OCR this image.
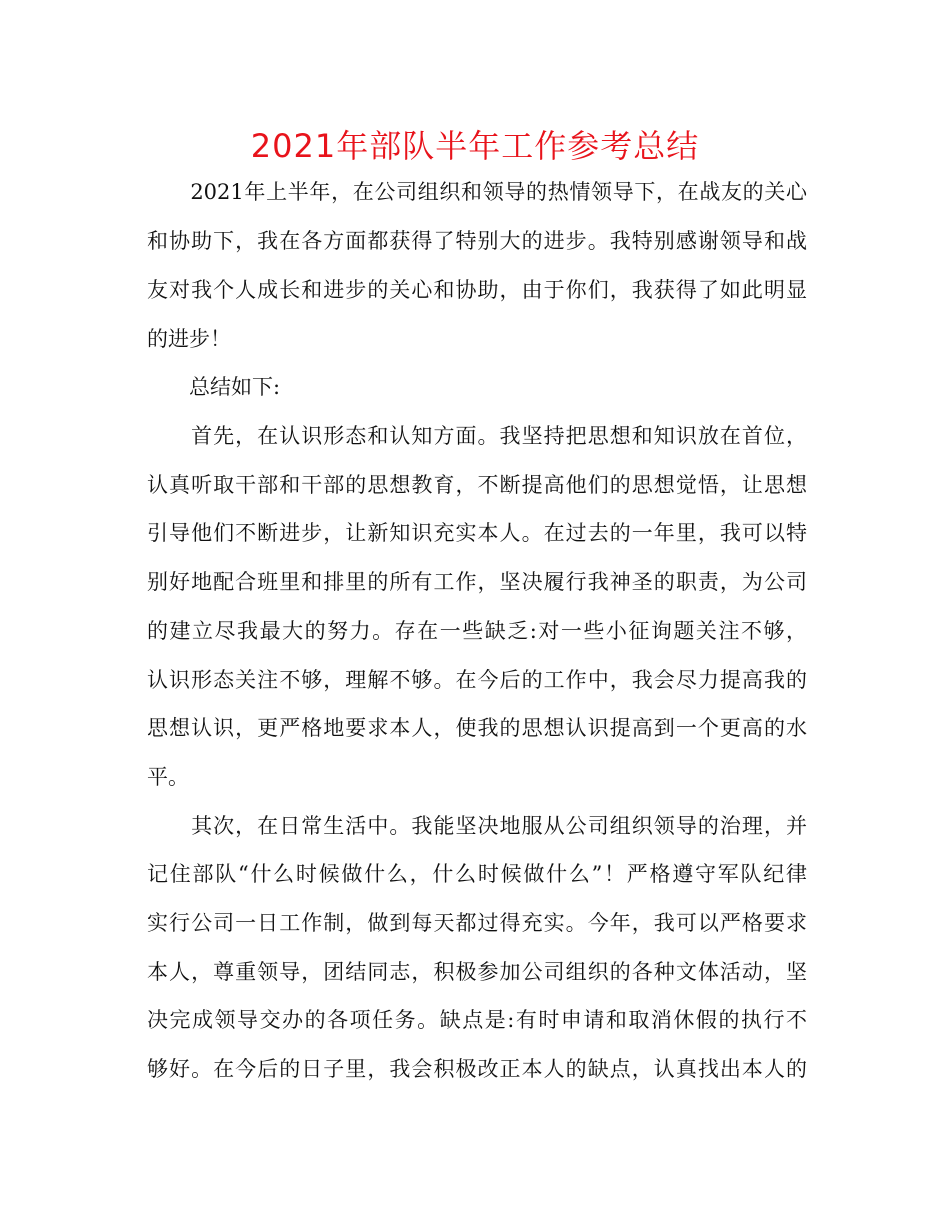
2021年部队半年工作参考总结

　　2021年上半年，在公司组织和领导的热情领导下，在战友的关心

和协助下，我在各方面都获得了特别大的进步。我特别感谢领导和战

友对我个人成长和进步的关心和协助，由于你们，我获得了如此明显

的进步！

　　总结如下:

　　首先，在认识形态和认知方面。我坚持把思想和知识放在首位，

认真听取干部和干部的思想教育，不断提高他们的思想觉悟，让思想

引导他们不断进步，让新知识充实本人。在过去的一年里，我可以特

别好地配合班里和排里的所有工作，坚决履行我神圣的职责，为公司

的建立尽我最大的努力。存在一些缺乏:对一些小征询题关注不够，

认识形态关注不够，理解不够。在今后的工作中，我会尽力提高我的

思想认识，更严格地要求本人，使我的思想认识提高到一个更高的水

平。

　　其次，在日常生活中。我能坚决地服从公司组织领导的治理，并

记住部队“什么时候做什么，什么时候做什么”！严格遵守军队纪律

实行公司一日工作制，做到每天都过得充实。今年，我可以严格要求

本人，尊重领导，团结同志，积极参加公司组织的各种文体活动，坚

决完成领导交办的各项任务。缺点是:有时申请和取消休假的执行不

够好。在今后的日子里，我会积极改正本人的缺点，认真找出本人的
